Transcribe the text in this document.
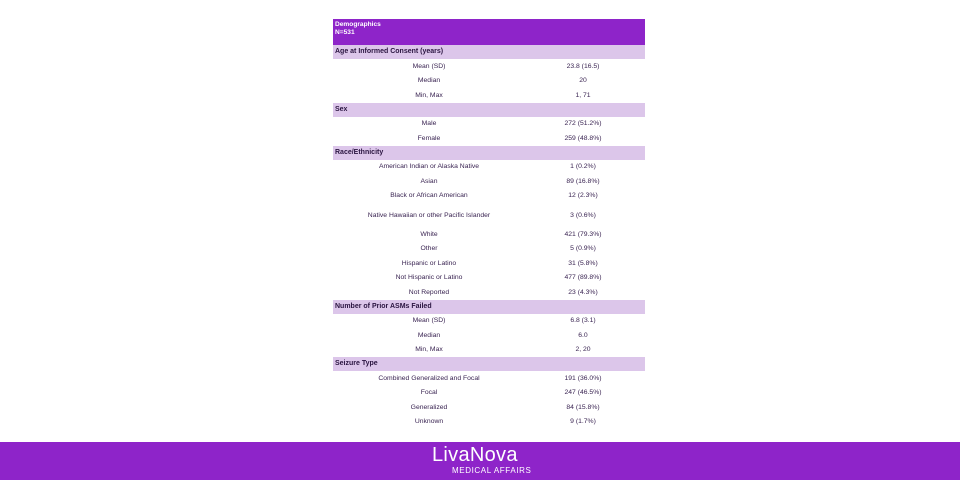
Demographics
N=531
Age at Informed Consent (years)
Mean (SD)	23.8 (16.5)
Median	20
Min, Max	1, 71
Sex
Male	272 (51.2%)
Female	259 (48.8%)
Race/Ethnicity
American Indian or Alaska Native	1 (0.2%)
Asian	89 (16.8%)
Black or African American	12 (2.3%)
Native Hawaiian or other Pacific Islander	3 (0.6%)
White	421 (79.3%)
Other	5 (0.9%)
Hispanic or Latino	31 (5.8%)
Not Hispanic or Latino	477 (89.8%)
Not Reported	23 (4.3%)
Number of Prior ASMs Failed
Mean (SD)	6.8 (3.1)
Median	6.0
Min, Max	2, 20
Seizure Type
Combined Generalized and Focal	191 (36.0%)
Focal	247 (46.5%)
Generalized	84 (15.8%)
Unknown	9 (1.7%)
LivaNova
MEDICAL AFFAIRS
